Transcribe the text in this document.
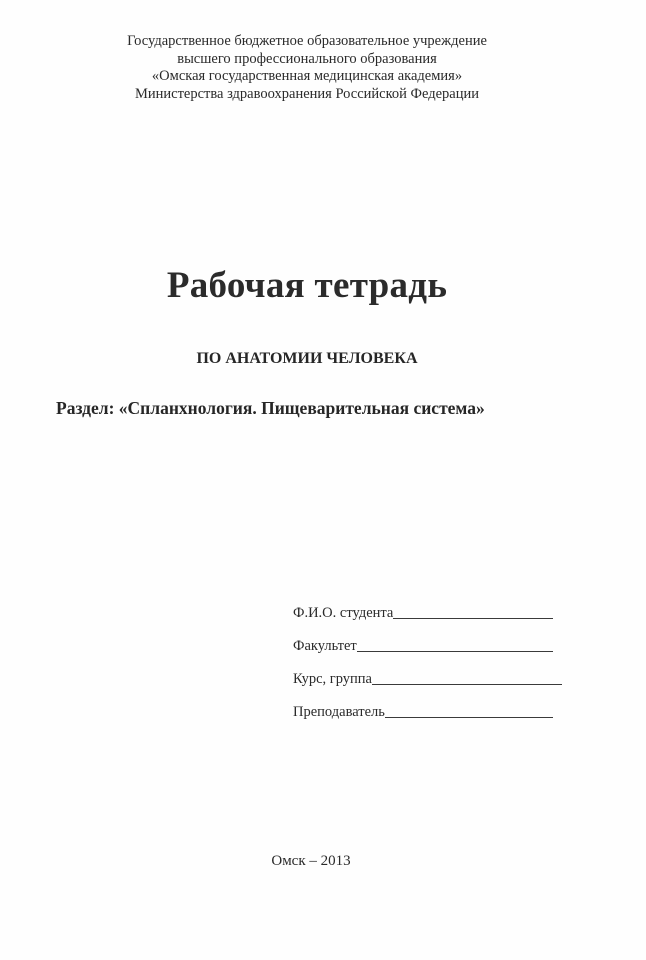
Государственное бюджетное образовательное учреждение
высшего профессионального образования
«Омская государственная медицинская академия»
Министерства здравоохранения Российской Федерации
Рабочая тетрадь
ПО АНАТОМИИ ЧЕЛОВЕКА
Раздел: «Спланхнология. Пищеварительная система»
Ф.И.О. студента
Факультет
Курс, группа
Преподаватель
Омск – 2013
